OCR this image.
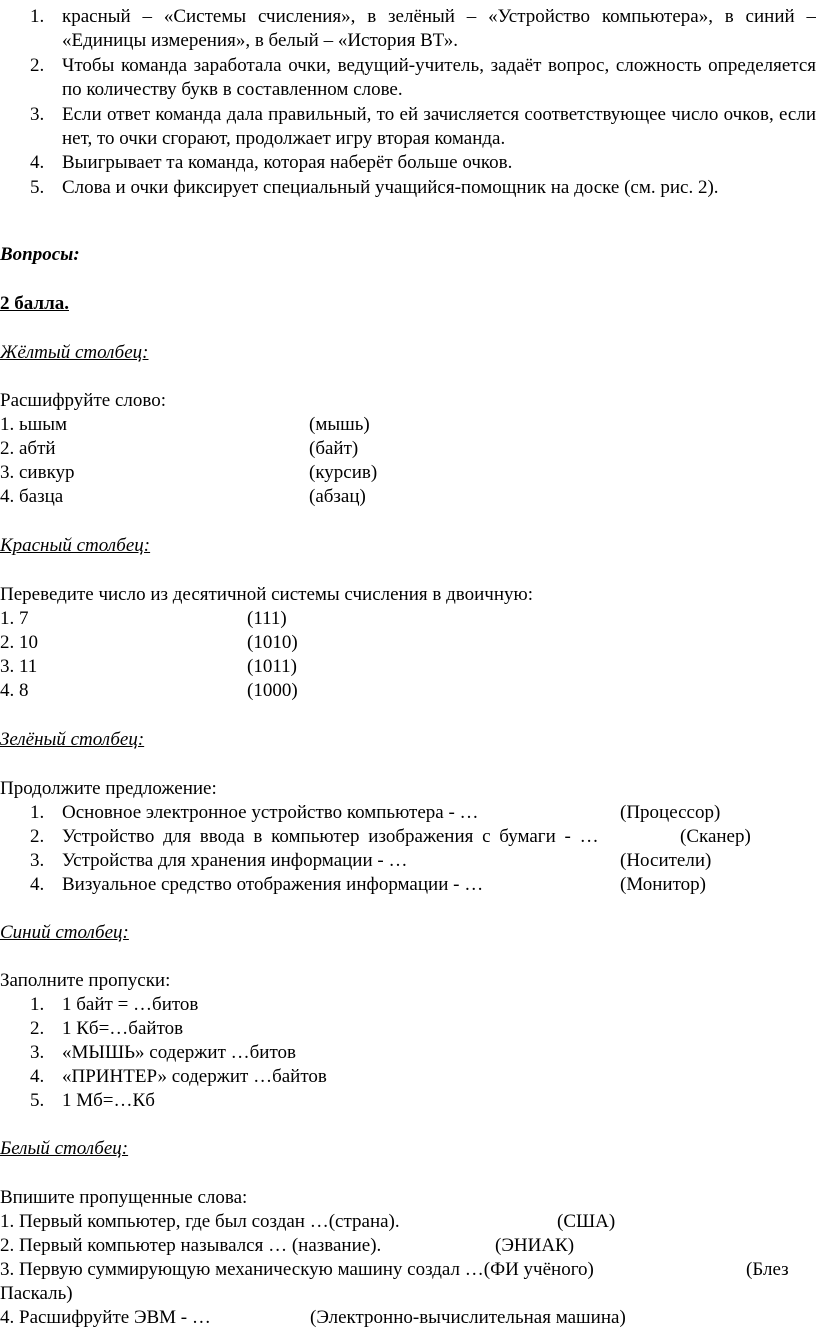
1. красный – «Системы счисления», в зелёный – «Устройство компьютера», в синий – «Единицы измерения», в белый – «История ВТ».
2. Чтобы команда заработала очки, ведущий-учитель, задаёт вопрос, сложность определяется по количеству букв в составленном слове.
3. Если ответ команда дала правильный, то ей зачисляется соответствующее число очков, если нет, то очки сгорают, продолжает игру вторая команда.
4. Выигрывает та команда, которая наберёт больше очков.
5. Слова и очки фиксирует специальный учащийся-помощник на доске (см. рис. 2).
Вопросы:
2 балла.
Жёлтый столбец:
Расшифруйте слово:
1. ьшым	(мышь)
2. абтй	(байт)
3. сивкур	(курсив)
4. базца	(абзац)
Красный столбец:
Переведите число из десятичной системы счисления в двоичную:
1. 7	(111)
2. 10	(1010)
3. 11	(1011)
4. 8	(1000)
Зелёный столбец:
Продолжите предложение:
1. Основное электронное устройство компьютера - …	(Процессор)
2. Устройство для ввода в компьютер изображения с бумаги - …	(Сканер)
3. Устройства для хранения информации - …	(Носители)
4. Визуальное средство отображения информации - …	(Монитор)
Синий столбец:
Заполните пропуски:
1. 1 байт = …битов
2. 1 Кб=…байтов
3. «МЫШЬ» содержит …битов
4. «ПРИНТЕР» содержит …байтов
5. 1 Мб=…Кб
Белый столбец:
Впишите пропущенные слова:
1. Первый компьютер, где был создан …(страна).	(США)
2. Первый компьютер назывался … (название).	(ЭНИАК)
3. Первую суммирующую механическую машину создал …(ФИ учёного)	(Блез
Паскаль)
4. Расшифруйте ЭВМ - …	(Электронно-вычислительная машина)
